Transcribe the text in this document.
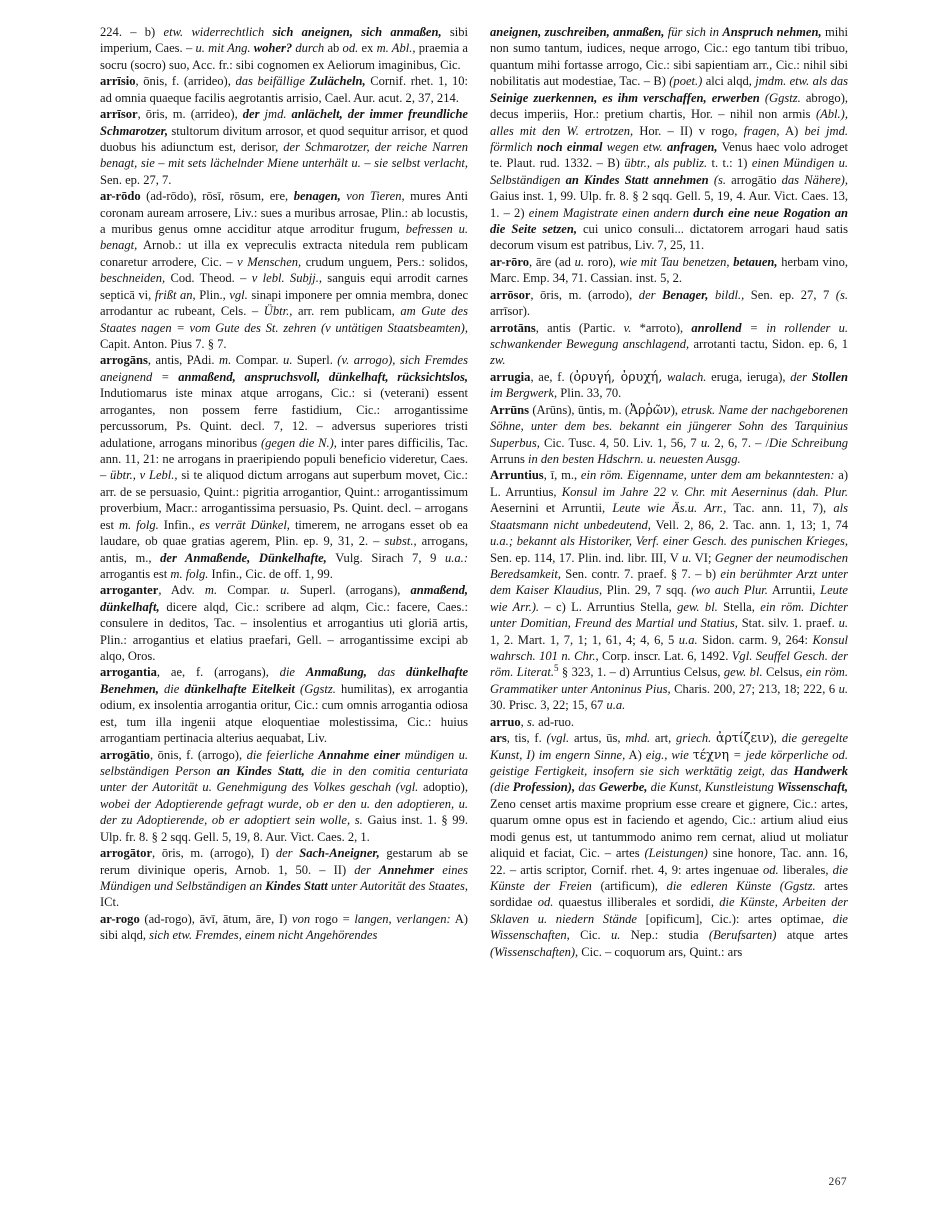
224. – b) etw. widerrechtlich sich aneignen, sich anmaßen, sibi imperium, Caes. – u. mit Ang. woher? durch ab od. ex m. Abl., praemia a socru (socro) suo, Acc. fr.: sibi cognomen ex Aeliorum imaginibus, Cic.

arrīsio, ōnis, f. (arrideo), das beifällige Zulächeln, Cornif. rhet. 1, 10: ad omnia quaeque facilis aegrotantis arrisio, Cael. Aur. acut. 2, 37, 214.

arrīsor, ōris, m. (arrideo), der jmd. anlächelt, der immer freundliche Schmarotzer, stultorum divitum arrosor, et quod sequitur arrisor, et quod duobus his adiunctum est, derisor, der Schmarotzer, der reiche Narren benagt, sie – mit sets lächelnder Miene unterhält u. – sie selbst verlacht, Sen. ep. 27, 7.

ar-rōdo (ad-rōdo), rōsī, rōsum, ere, benagen, von Tieren, mures Anti coronam auream arrosere, Liv.: sues a muribus arrosae, Plin.: ab locustis, a muribus genus omne acciditur atque arroditur frugum, befressen u. benagt, Arnob.: ut illa ex vepreculis extracta nitedula rem publicam conaretur arrodere, Cic. – v Menschen, crudum unguem, Pers.: solidos, beschneiden, Cod. Theod. – v lebl. Subjj., sanguis equi arrodit carnes septicā vi, frißt an, Plin., vgl. sinapi imponere per omnia membra, donec arrodantur ac rubeant, Cels. – Übtr., arr. rem publicam, am Gute des Staates nagen = vom Gute des St. zehren (v untätigen Staatsbeamten), Capit. Anton. Pius 7. § 7.

arrogāns, antis, PAdi. m. Compar. u. Superl. (v. arrogo), sich Fremdes aneignend = anmaßend, anspruchsvoll, dünkelhaft, rücksichtslos, Indutiomarus iste minax atque arrogans, Cic.: si (veterani) essent arrogantes, non possem ferre fastidium, Cic.: arrogantissime percussorum, Ps. Quint. decl. 7, 12. – adversus superiores tristi adulatione, arrogans minoribus (gegen die N.), inter pares difficilis, Tac. ann. 11, 21: ne arrogans in praeripiendo populi beneficio videretur, Caes. – übtr., v Lebl., si te aliquod dictum arrogans aut superbum movet, Cic.: arr. de se persuasio, Quint.: pigritia arrogantior, Quint.: arrogantissimum proverbium, Macr.: arrogantissima persuasio, Ps. Quint. decl. – arrogans est m. folg. Infin., es verrät Dünkel, timerem, ne arrogans esset ob ea laudare, ob quae gratias agerem, Plin. ep. 9, 31, 2. – subst., arrogans, antis, m., der Anmaßende, Dünkelhafte, Vulg. Sirach 7, 9 u.a.: arrogantis est m. folg. Infin., Cic. de off. 1, 99.

arroganter, Adv. m. Compar. u. Superl. (arrogans), anmaßend, dünkelhaft, dicere alqd, Cic.: scribere ad alqm, Cic.: facere, Caes.: consulere in deditos, Tac. – insolentius et arrogantius uti gloriā artis, Plin.: arrogantius et elatius praefari, Gell. – arrogantissime excipi ab alqo, Oros.

arrogantia, ae, f. (arrogans), die Anmaßung, das dünkelhafte Benehmen, die dünkelhafte Eitelkeit (Ggstz. humilitas), ex arrogantia odium, ex insolentia arrogantia oritur, Cic.: cum omnis arrogantia odiosa est, tum illa ingenii atque eloquentiae molestissima, Cic.: huius arrogantiam pertinacia alterius aequabat, Liv.

arrogātio, ōnis, f. (arrogo), die feierliche Annahme einer mündigen u. selbständigen Person an Kindes Statt, die in den comitia centuriata unter der Autorität u. Genehmigung des Volkes geschah (vgl. adoptio), wobei der Adoptierende gefragt wurde, ob er den u. den adoptieren, u. der zu Adoptierende, ob er adoptiert sein wolle, s. Gaius inst. 1. § 99. Ulp. fr. 8. § 2 sqq. Gell. 5, 19, 8. Aur. Vict. Caes. 2, 1.

arrogātor, ōris, m. (arrogo), I) der Sach-Aneigner, gestarum ab se rerum divinique operis, Arnob. 1, 50. – II) der Annehmer eines Mündigen und Selbständigen an Kindes Statt unter Autorität des Staates, ICt.

ar-rogo (ad-rogo), āvī, ātum, āre, I) von rogo = langen, verlangen: A) sibi alqd, sich etw. Fremdes, einem nicht Angehörendes

aneignen, zuschreiben, anmaßen, für sich in Anspruch nehmen, mihi non sumo tantum, iudices, neque arrogo, Cic.: ego tantum tibi tribuo, quantum mihi fortasse arrogo, Cic.: sibi sapientiam arr., Cic.: nihil sibi nobilitatis aut modestiae, Tac. – B) (poet.) alci alqd, jmdm. etw. als das Seinige zuerkennen, es ihm verschaffen, erwerben (Ggstz. abrogo), decus imperiis, Hor.: pretium chartis, Hor. – nihil non armis (Abl.), alles mit den W. ertrotzen, Hor. – II) v rogo, fragen, A) bei jmd. förmlich noch einmal wegen etw. anfragen, Venus haec volo adroget te. Plaut. rud. 1332. – B) übtr., als publiz. t. t.: 1) einen Mündigen u. Selbständigen an Kindes Statt annehmen (s. arrogātio das Nähere), Gaius inst. 1, 99. Ulp. fr. 8. § 2 sqq. Gell. 5, 19, 4. Aur. Vict. Caes. 13, 1. – 2) einem Magistrate einen andern durch eine neue Rogation an die Seite setzen, cui unico consuli... dictatorem arrogari haud satis decorum visum est patribus, Liv. 7, 25, 11.

ar-rōro, āre (ad u. roro), wie mit Tau benetzen, betauen, herbam vino, Marc. Emp. 34, 71. Cassian. inst. 5, 2.

arrōsor, ōris, m. (arrodo), der Benager, bildl., Sen. ep. 27, 7 (s. arrīsor).

arrotāns, antis (Partic. v. *arroto), anrollend = in rollender u. schwankender Bewegung anschlagend, arrotanti tactu, Sidon. ep. 6, 1 zw.

arrugia, ae, f. (ὀρυγή, ὀρυχή, walach. eruga, ieruga), der Stollen im Bergwerk, Plin. 33, 70.

Arrūns (Arūns), ūntis, m. (Ἀρῥῶν), etrusk. Name der nachgeborenen Söhne, unter dem bes. bekannt ein jüngerer Sohn des Tarquinius Superbus, Cic. Tusc. 4, 50. Liv. 1, 56, 7 u. 2, 6, 7. – /Die Schreibung Arruns in den besten Hdschrn. u. neuesten Ausgg.

Arruntius, ī, m., ein röm. Eigenname, unter dem am bekanntesten: a) L. Arruntius, Konsul im Jahre 22 v. Chr. mit Aeserninus (dah. Plur. Aesernini et Arruntii, Leute wie Äs.u. Arr., Tac. ann. 11, 7), als Staatsmann nicht unbedeutend, Vell. 2, 86, 2. Tac. ann. 1, 13; 1, 74 u.a.; bekannt als Historiker, Verf. einer Gesch. des punischen Krieges, Sen. ep. 114, 17. Plin. ind. libr. III, V u. VI; Gegner der neumodischen Beredsamkeit, Sen. contr. 7. praef. § 7. – b) ein berühmter Arzt unter dem Kaiser Klaudius, Plin. 29, 7 sqq. (wo auch Plur. Arruntii, Leute wie Arr.). – c) L. Arruntius Stella, gew. bl. Stella, ein röm. Dichter unter Domitian, Freund des Martial und Statius, Stat. silv. 1. praef. u. 1, 2. Mart. 1, 7, 1; 1, 61, 4; 4, 6, 5 u.a. Sidon. carm. 9, 264: Konsul wahrsch. 101 n. Chr., Corp. inscr. Lat. 6, 1492. Vgl. Seuffel Gesch. der röm. Literat.$^5$ § 323, 1. – d) Arruntius Celsus, gew. bl. Celsus, ein röm. Grammatiker unter Antoninus Pius, Charis. 200, 27; 213, 18; 222, 6 u. 30. Prisc. 3, 22; 15, 67 u.a.

arruo, s. ad-ruo.

ars, tis, f. (vgl. artus, ūs, mhd. art, griech. ἀρτίζειν), die geregelte Kunst, I) im engern Sinne, A) eig., wie τέχνη = jede körperliche od. geistige Fertigkeit, insofern sie sich werktätig zeigt, das Handwerk (die Profession), das Gewerbe, die Kunst, Kunstleistung Wissenschaft, Zeno censet artis maxime proprium esse creare et gignere, Cic.: artes, quarum omne opus est in faciendo et agendo, Cic.: artium aliud eius modi genus est, ut tantummodo animo rem cernat, aliud ut moliatur aliquid et faciat, Cic. – artes (Leistungen) sine honore, Tac. ann. 16, 22. – artis scriptor, Cornif. rhet. 4, 9: artes ingenuae od. liberales, die Künste der Freien (artificum), die edleren Künste (Ggstz. artes sordidae od. quaestus illiberales et sordidi, die Künste, Arbeiten der Sklaven u. niedern Stände [opificum], Cic.): artes optimae, die Wissenschaften, Cic. u. Nep.: studia (Berufsarten) atque artes (Wissenschaften), Cic. – coquorum ars, Quint.: ars

267
